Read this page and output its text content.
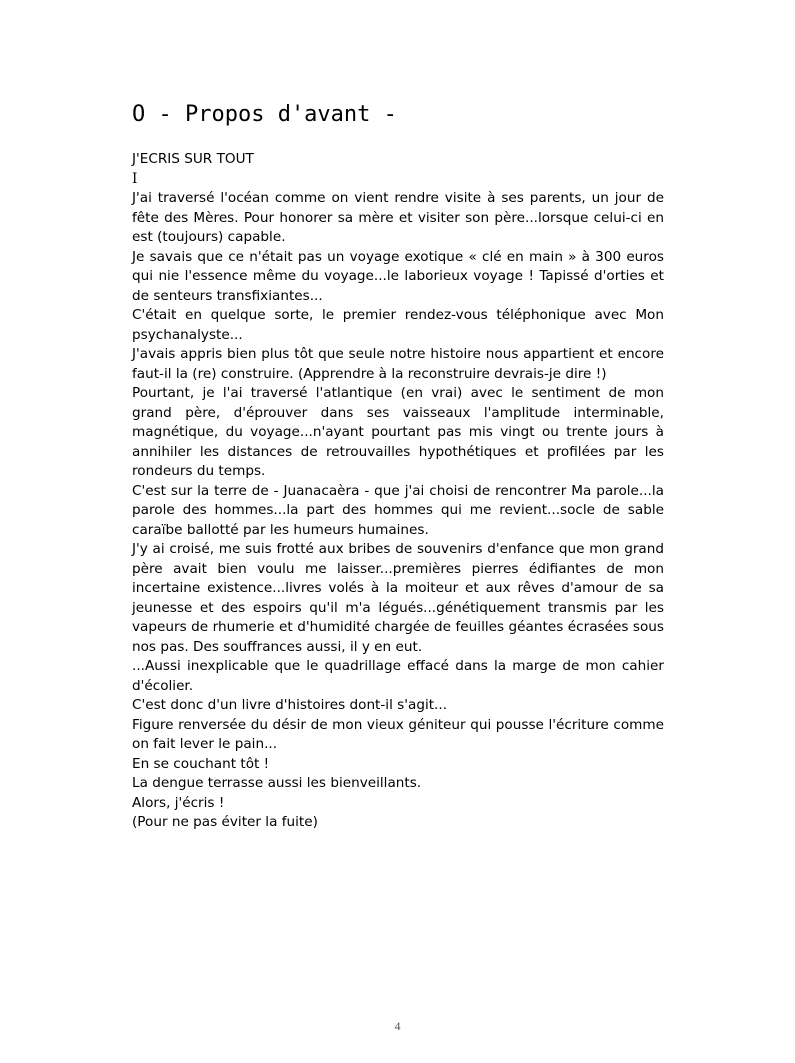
O - Propos d'avant -

J'ECRIS SUR TOUT

I

J'ai traversé l'océan comme on vient rendre visite à ses parents, un jour de fête des Mères. Pour honorer sa mère et visiter son père...lorsque celui-ci en est (toujours) capable.

Je savais que ce n'était pas un voyage exotique « clé en main » à 300 euros qui nie l'essence même du voyage...le laborieux voyage ! Tapissé d'orties et de senteurs transfixiantes...

C'était en quelque sorte, le premier rendez-vous téléphonique avec Mon psychanalyste...

J'avais appris bien plus tôt que seule notre histoire nous appartient et encore faut-il la (re) construire. (Apprendre à la reconstruire devrais-je dire !)

Pourtant, je l'ai traversé l'atlantique (en vrai) avec le sentiment de mon grand père, d'éprouver dans ses vaisseaux l'amplitude interminable, magnétique, du voyage...n'ayant pourtant pas mis vingt ou trente jours à annihiler les distances de retrouvailles hypothétiques et profilées par les rondeurs du temps.

C'est sur la terre de - Juanacaèra - que j'ai choisi de rencontrer Ma parole...la parole des hommes...la part des hommes qui me revient...socle de sable caraïbe ballotté par les humeurs humaines.

J'y ai croisé, me suis frotté aux bribes de souvenirs d'enfance que mon grand père avait bien voulu me laisser...premières pierres édifiantes de mon incertaine existence...livres volés à la moiteur et aux rêves d'amour de sa jeunesse et des espoirs qu'il m'a légués...génétiquement transmis par les vapeurs de rhumerie et d'humidité chargée de feuilles géantes écrasées sous nos pas. Des souffrances aussi, il y en eut.

...Aussi inexplicable que le quadrillage effacé dans la marge de mon cahier d'écolier.

C'est donc d'un livre d'histoires dont-il s'agit...

Figure renversée du désir de mon vieux géniteur qui pousse l'écriture comme on fait lever le pain...

En se couchant tôt !

La dengue terrasse aussi les bienveillants.

Alors, j'écris !

(Pour ne pas éviter la fuite)

4
